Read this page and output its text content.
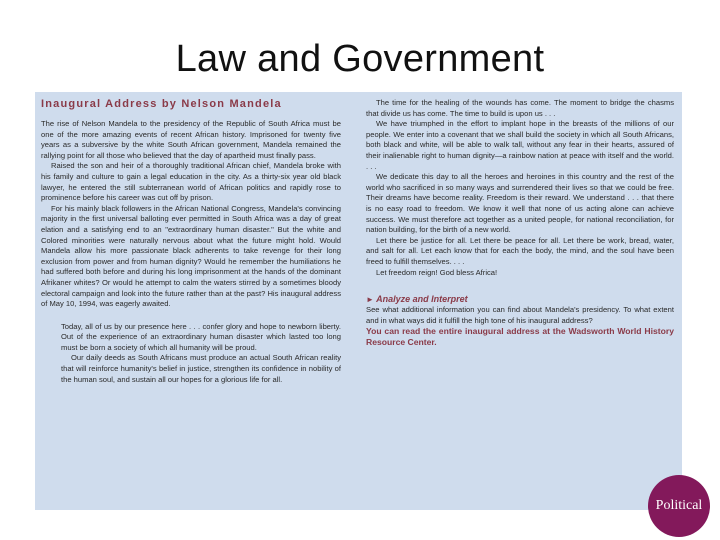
Law and Government
Inaugural Address by Nelson Mandela

The rise of Nelson Mandela to the presidency of the Republic of South Africa must be one of the more amazing events of recent African history. Imprisoned for twenty five years as a subversive by the white South African government, Mandela remained the rallying point for all those who believed that the day of apartheid must finally pass.

Raised the son and heir of a thoroughly traditional African chief, Mandela broke with his family and culture to gain a legal education in the city. As a thirty-six year old black lawyer, he entered the still subterranean world of African politics and rapidly rose to prominence before his career was cut off by prison.

For his mainly black followers in the African National Congress, Mandela's convincing majority in the first universal balloting ever permitted in South Africa was a day of great elation and a satisfying end to an "extraordinary human disaster." But the white and Colored minorities were naturally nervous about what the future might hold. Would Mandela allow his more passionate black adherents to take revenge for their long exclusion from power and from human dignity? Would he remember the humiliations he had suffered both before and during his long imprisonment at the hands of the dominant Afrikaner whites? Or would he attempt to calm the waters stirred by a sometimes bloody electoral campaign and look into the future rather than at the past? His inaugural address of May 10, 1994, was eagerly awaited.

Today, all of us by our presence here . . . confer glory and hope to newborn liberty. Out of the experience of an extraordinary human disaster which lasted too long must be born a society of which all humanity will be proud.

Our daily deeds as South Africans must produce an actual South African reality that will reinforce humanity's belief in justice, strengthen its confidence in nobility of the human soul, and sustain all our hopes for a glorious life for all.

The time for the healing of the wounds has come. The moment to bridge the chasms that divide us has come. The time to build is upon us . . .

We have triumphed in the effort to implant hope in the breasts of the millions of our people. We enter into a covenant that we shall build the society in which all South Africans, both black and white, will be able to walk tall, without any fear in their hearts, assured of their inalienable right to human dignity—a rainbow nation at peace with itself and the world. . . .

We dedicate this day to all the heroes and heroines in this country and the rest of the world who sacrificed in so many ways and surrendered their lives so that we could be free. Their dreams have become reality. Freedom is their reward. We understand . . . that there is no easy road to freedom. We know it well that none of us acting alone can achieve success. We must therefore act together as a united people, for national reconciliation, for nation building, for the birth of a new world.

Let there be justice for all. Let there be peace for all. Let there be work, bread, water, and salt for all. Let each know that for each the body, the mind, and the soul have been freed to fulfill themselves. . . .

Let freedom reign! God bless Africa!

► Analyze and Interpret

See what additional information you can find about Mandela's presidency. To what extent and in what ways did it fulfill the high tone of his inaugural address?

You can read the entire inaugural address at the Wadsworth World History Resource Center.

Political
